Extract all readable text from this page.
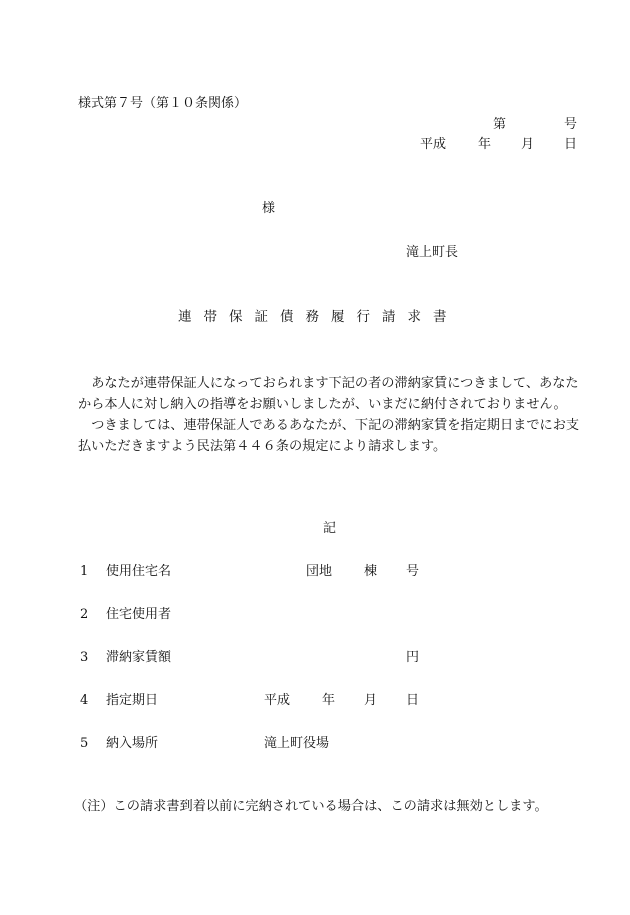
様式第７号（第１０条関係）
第	号
平成 年 月 日
様
滝上町長
連 帯 保 証 債 務 履 行 請 求 書

あなたが連帯保証人になっておられます下記の者の滞納家賃につきまして、あなたから本人に対し納入の指導をお願いしましたが、いまだに納付されておりません。

つきましては、連帯保証人であるあなたが、下記の滞納家賃を指定期日までにお支払いただきますよう民法第４４６条の規定により請求します。

記
1 使用住宅名	団地 棟 号
2 住宅使用者
3 滞納家賃額	円
4 指定期日	平成 年 月 日
5 納入場所	滝上町役場
（注）この請求書到着以前に完納されている場合は、この請求は無効とします。
